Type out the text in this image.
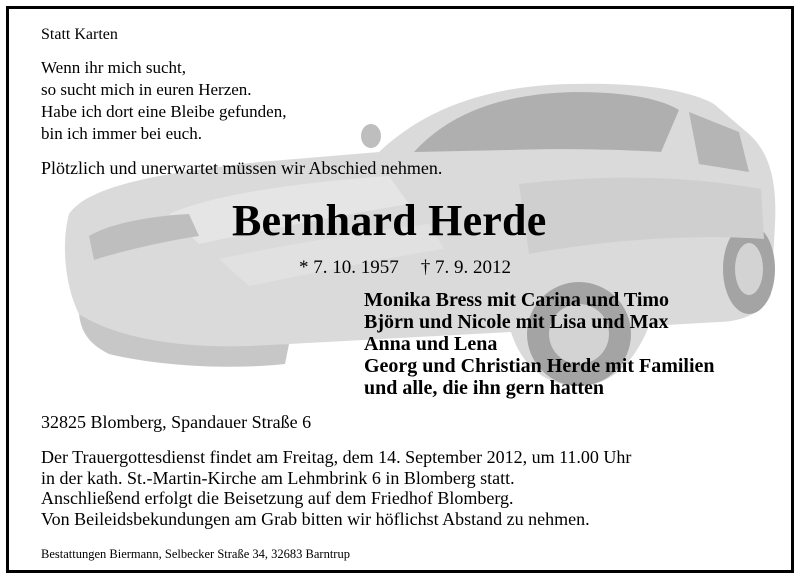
Statt Karten
Wenn ihr mich sucht,
so sucht mich in euren Herzen.
Habe ich dort eine Bleibe gefunden,
bin ich immer bei euch.
Plötzlich und unerwartet müssen wir Abschied nehmen.
Bernhard Herde
* 7. 10. 1957 † 7. 9. 2012
Monika Bress mit Carina und Timo
Björn und Nicole mit Lisa und Max
Anna und Lena
Georg und Christian Herde mit Familien
und alle, die ihn gern hatten
32825 Blomberg, Spandauer Straße 6
Der Trauergottesdienst findet am Freitag, dem 14. September 2012, um 11.00 Uhr
in der kath. St.-Martin-Kirche am Lehmbrink 6 in Blomberg statt.
Anschließend erfolgt die Beisetzung auf dem Friedhof Blomberg.
Von Beileidsbekundungen am Grab bitten wir höflichst Abstand zu nehmen.
Bestattungen Biermann, Selbecker Straße 34, 32683 Barntrup
